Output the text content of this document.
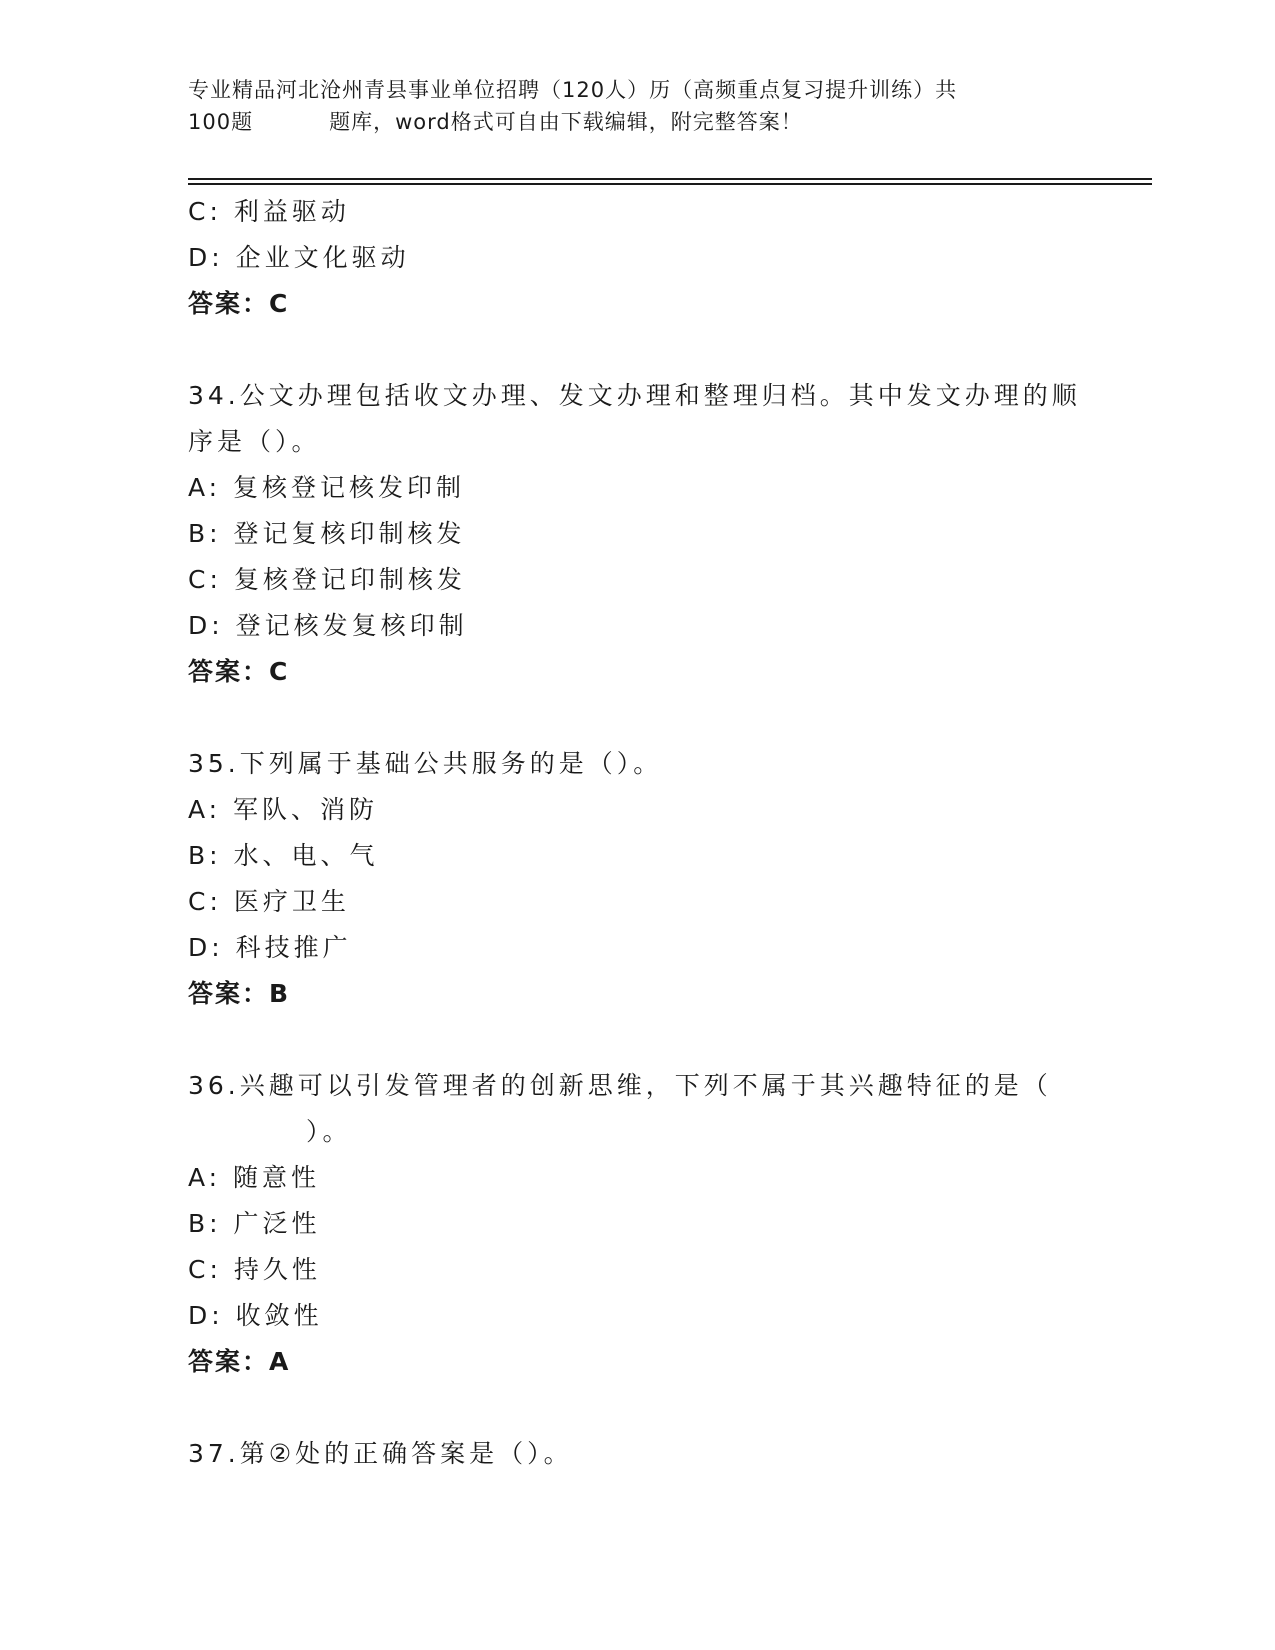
专业精品河北沧州青县事业单位招聘（120人）历（高频重点复习提升训练）共
100题	题库，word格式可自由下载编辑，附完整答案！
C: 利益驱动
D: 企业文化驱动
答案：C
34.公文办理包括收文办理、发文办理和整理归档。其中发文办理的顺
序是（）。
A: 复核登记核发印制
B: 登记复核印制核发
C: 复核登记印制核发
D: 登记核发复核印制
答案：C
35.下列属于基础公共服务的是（）。
A: 军队、消防
B: 水、电、气
C: 医疗卫生
D: 科技推广
答案：B
36.兴趣可以引发管理者的创新思维，下列不属于其兴趣特征的是（
）。
A: 随意性
B: 广泛性
C: 持久性
D: 收敛性
答案：A
37.第②处的正确答案是（）。
